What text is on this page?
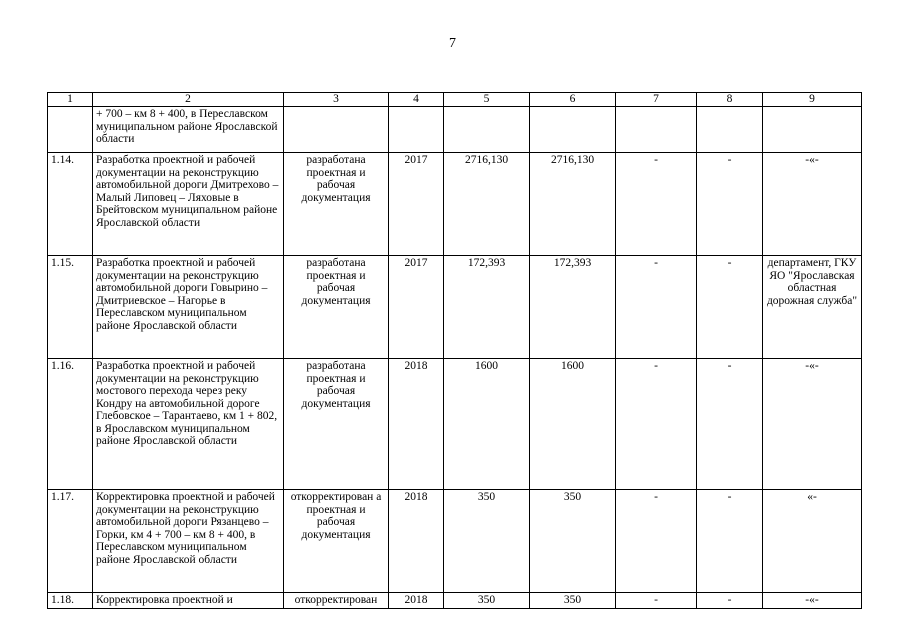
7
1	2	3	4	5	6	7	8	9
	+ 700 – км 8 + 400, в Переславском муниципальном районе Ярославской области							
1.14.	Разработка проектной и рабочей документации на реконструкцию автомобильной дороги Дмитрехово – Малый Липовец – Ляховые в Брейтовском муниципальном районе Ярославской области	разработана проектная и рабочая документация	2017	2716,130	2716,130	-	-	-«-
1.15.	Разработка проектной и рабочей документации на реконструкцию автомобильной дороги Говырино – Дмитриевское – Нагорье в Переславском муниципальном районе Ярославской области	разработана проектная и рабочая документация	2017	172,393	172,393	-	-	департамент, ГКУ ЯО "Ярославская областная дорожная служба"
1.16.	Разработка проектной и рабочей документации на реконструкцию мостового перехода через реку Кондру на автомобильной дороге Глебовское – Тарантаево, км 1 + 802, в Ярославском муниципальном районе Ярославской области	разработана проектная и рабочая документация	2018	1600	1600	-	-	-«-
1.17.	Корректировка проектной и рабочей документации на реконструкцию автомобильной дороги Рязанцево – Горки, км 4 + 700 – км 8 + 400, в Переславском муниципальном районе Ярославской области	откорректирован а проектная и рабочая документация	2018	350	350	-	-	«-
1.18.	Корректировка проектной и	откорректирован	2018	350	350	-	-	-«-
